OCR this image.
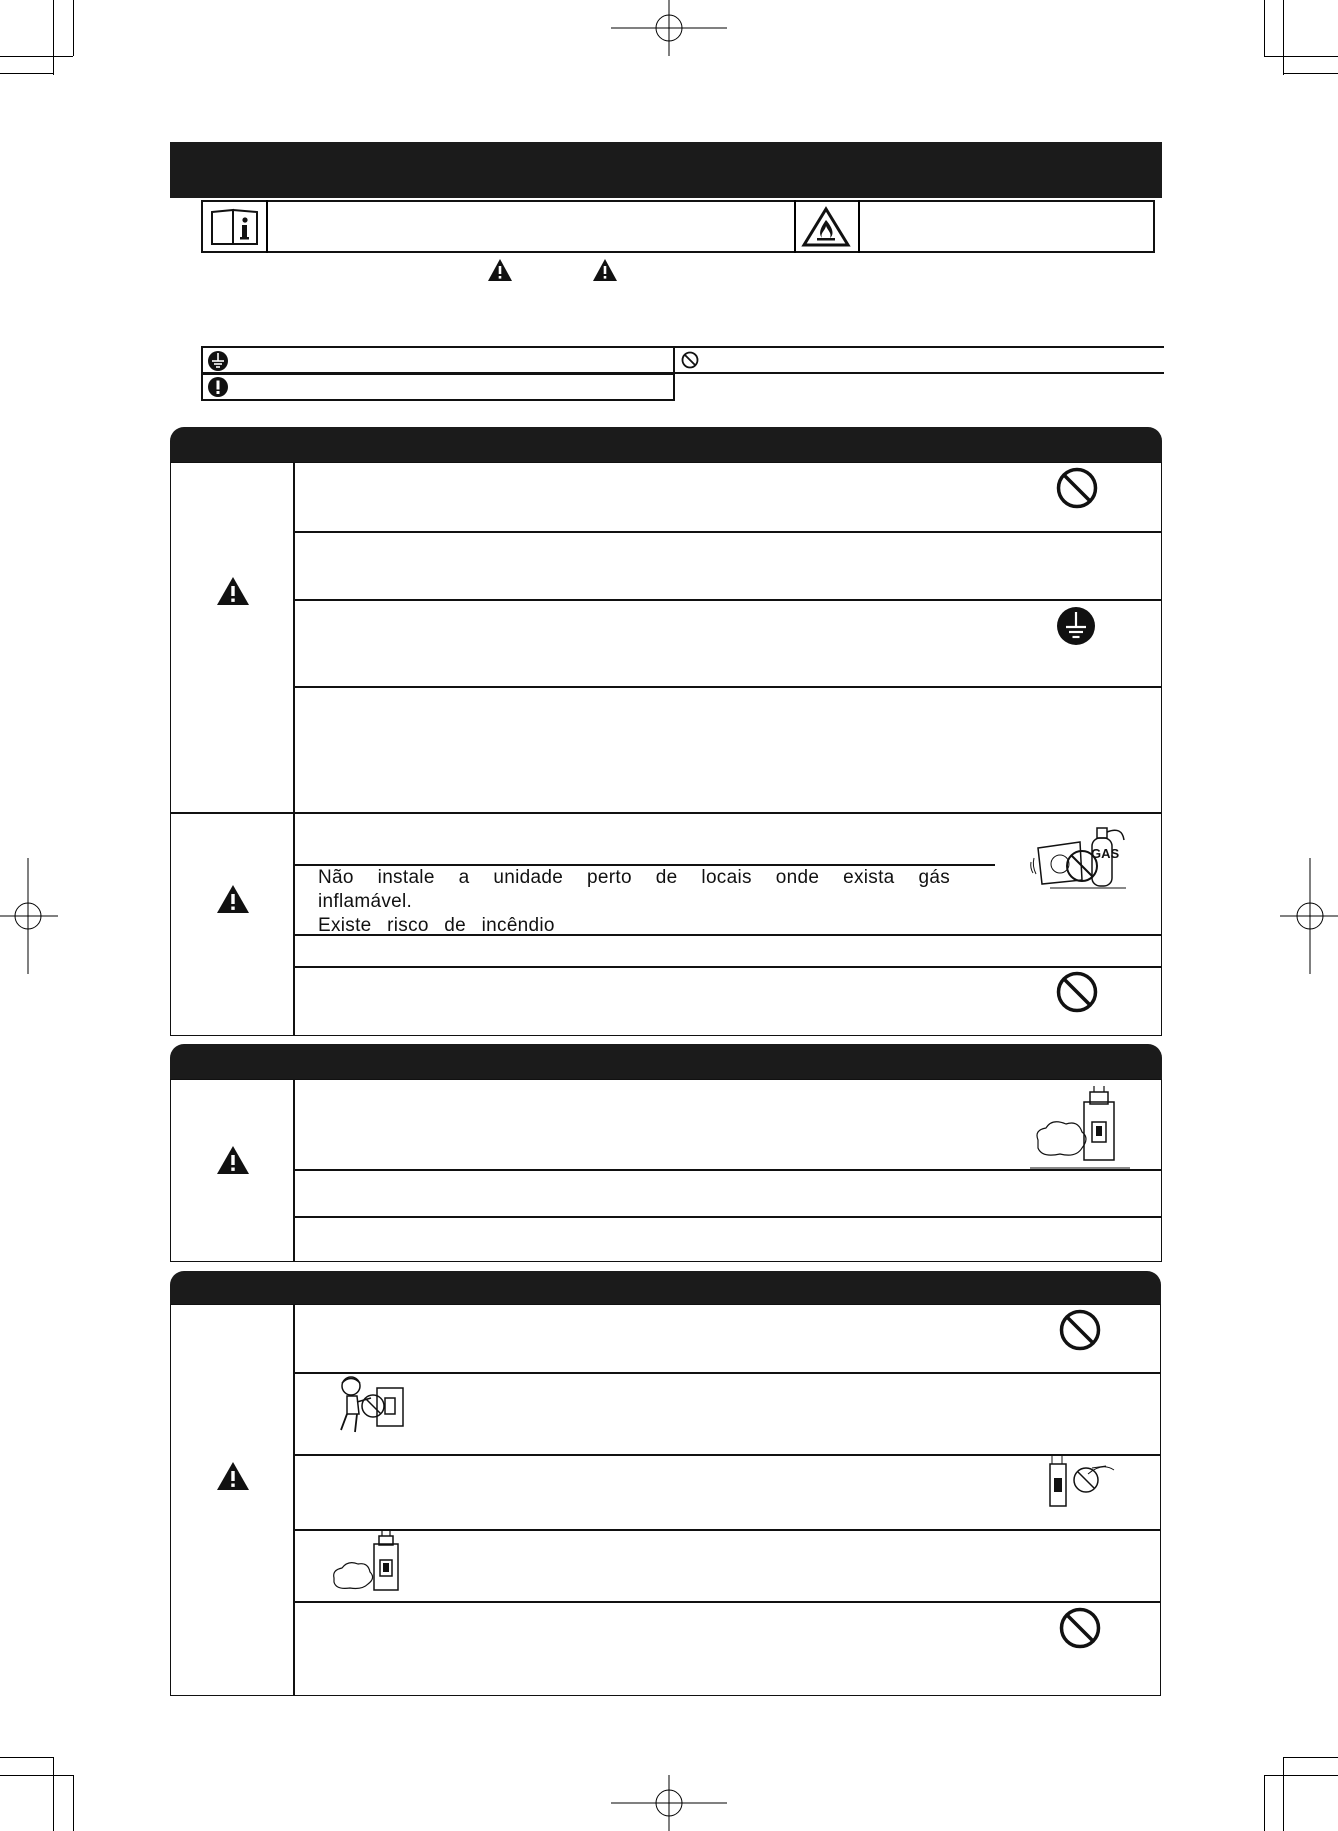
Não instale a unidade perto de locais onde exista gás inflamável.
Existe risco de incêndio
GAS
